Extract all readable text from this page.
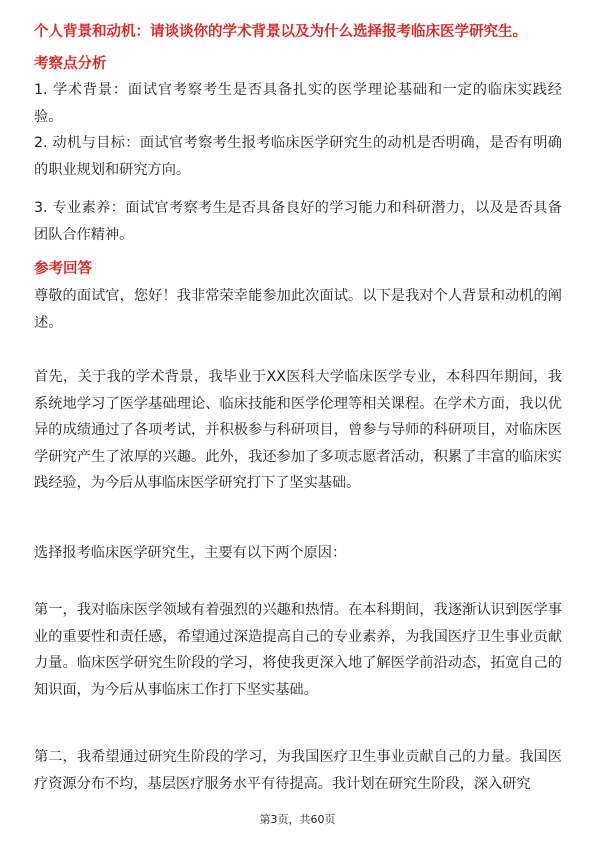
个人背景和动机：请谈谈你的学术背景以及为什么选择报考临床医学研究生。
考察点分析
1. 学术背景：面试官考察考生是否具备扎实的医学理论基础和一定的临床实践经验。
2. 动机与目标：面试官考察考生报考临床医学研究生的动机是否明确，是否有明确的职业规划和研究方向。
3. 专业素养：面试官考察考生是否具备良好的学习能力和科研潜力，以及是否具备团队合作精神。
参考回答
尊敬的面试官，您好！我非常荣幸能参加此次面试。以下是我对个人背景和动机的阐述。
首先，关于我的学术背景，我毕业于XX医科大学临床医学专业，本科四年期间，我系统地学习了医学基础理论、临床技能和医学伦理等相关课程。在学术方面，我以优异的成绩通过了各项考试，并积极参与科研项目，曾参与导师的科研项目，对临床医学研究产生了浓厚的兴趣。此外，我还参加了多项志愿者活动，积累了丰富的临床实践经验，为今后从事临床医学研究打下了坚实基础。
选择报考临床医学研究生，主要有以下两个原因：
第一，我对临床医学领域有着强烈的兴趣和热情。在本科期间，我逐渐认识到医学事业的重要性和责任感，希望通过深造提高自己的专业素养，为我国医疗卫生事业贡献力量。临床医学研究生阶段的学习，将使我更深入地了解医学前沿动态，拓宽自己的知识面，为今后从事临床工作打下坚实基础。
第二，我希望通过研究生阶段的学习，为我国医疗卫生事业贡献自己的力量。我国医疗资源分布不均，基层医疗服务水平有待提高。我计划在研究生阶段，深入研究
第3页，共60页
